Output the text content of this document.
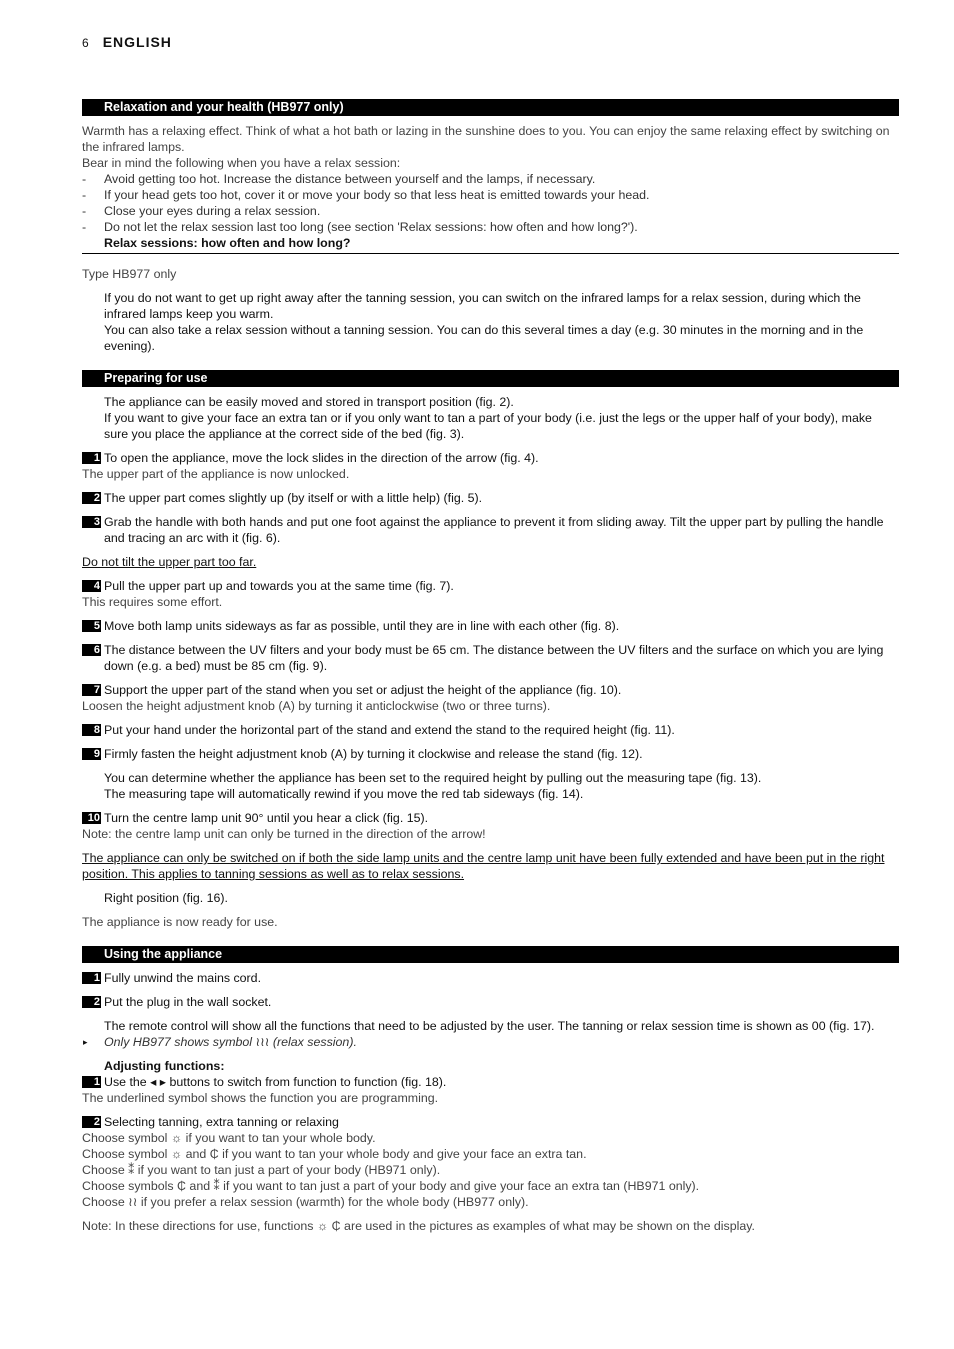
6 ENGLISH
Relaxation and your health (HB977 only)

Warmth has a relaxing effect. Think of what a hot bath or lazing in the sunshine does to you. You can enjoy the same relaxing effect by switching on the infrared lamps.

Bear in mind the following when you have a relax session:

- Avoid getting too hot. Increase the distance between yourself and the lamps, if necessary.
- If your head gets too hot, cover it or move your body so that less heat is emitted towards your head.
- Close your eyes during a relax session.
- Do not let the relax session last too long (see section 'Relax sessions: how often and how long?').
Relax sessions: how often and how long?

Type HB977 only

If you do not want to get up right away after the tanning session, you can switch on the infrared lamps for a relax session, during which the infrared lamps keep you warm.

You can also take a relax session without a tanning session. You can do this several times a day (e.g. 30 minutes in the morning and in the evening).

Preparing for use

The appliance can be easily moved and stored in transport position (fig. 2).

If you want to give your face an extra tan or if you only want to tan a part of your body (i.e. just the legs or the upper half of your body), make sure you place the appliance at the correct side of the bed (fig. 3).

1 To open the appliance, move the lock slides in the direction of the arrow (fig. 4).

The upper part of the appliance is now unlocked.

2 The upper part comes slightly up (by itself or with a little help) (fig. 5).
3 Grab the handle with both hands and put one foot against the appliance to prevent it from sliding away. Tilt the upper part by pulling the handle and tracing an arc with it (fig. 6).

Do not tilt the upper part too far.

4 Pull the upper part up and towards you at the same time (fig. 7).

This requires some effort.

5 Move both lamp units sideways as far as possible, until they are in line with each other (fig. 8).
6 The distance between the UV filters and your body must be 65 cm. The distance between the UV filters and the surface on which you are lying down (e.g. a bed) must be 85 cm (fig. 9).
7 Support the upper part of the stand when you set or adjust the height of the appliance (fig. 10).

Loosen the height adjustment knob (A) by turning it anticlockwise (two or three turns).

8 Put your hand under the horizontal part of the stand and extend the stand to the required height (fig. 11).
9 Firmly fasten the height adjustment knob (A) by turning it clockwise and release the stand (fig. 12).

You can determine whether the appliance has been set to the required height by pulling out the measuring tape (fig. 13).

The measuring tape will automatically rewind if you move the red tab sideways (fig. 14).

10 Turn the centre lamp unit 90° until you hear a click (fig. 15).

Note: the centre lamp unit can only be turned in the direction of the arrow!

The appliance can only be switched on if both the side lamp units and the centre lamp unit have been fully extended and have been put in the right position. This applies to tanning sessions as well as to relax sessions.

Right position (fig. 16).

The appliance is now ready for use.

Using the appliance
1 Fully unwind the mains cord.
2 Put the plug in the wall socket.

The remote control will show all the functions that need to be adjusted by the user. The tanning or relax session time is shown as 00 (fig. 17).

▸ Only HB977 shows symbol ≀≀≀ (relax session).

Adjusting functions:

1 Use the ◂ ▸ buttons to switch from function to function (fig. 18).

The underlined symbol shows the function you are programming.

2 Selecting tanning, extra tanning or relaxing

Choose symbol ☼ if you want to tan your whole body.

Choose symbol ☼ and ₵ if you want to tan your whole body and give your face an extra tan.

Choose ⁑ if you want to tan just a part of your body (HB971 only).

Choose symbols ₵ and ⁑ if you want to tan just a part of your body and give your face an extra tan (HB971 only).

Choose ≀≀ if you prefer a relax session (warmth) for the whole body (HB977 only).

Note: In these directions for use, functions ☼ ₵ are used in the pictures as examples of what may be shown on the display.
